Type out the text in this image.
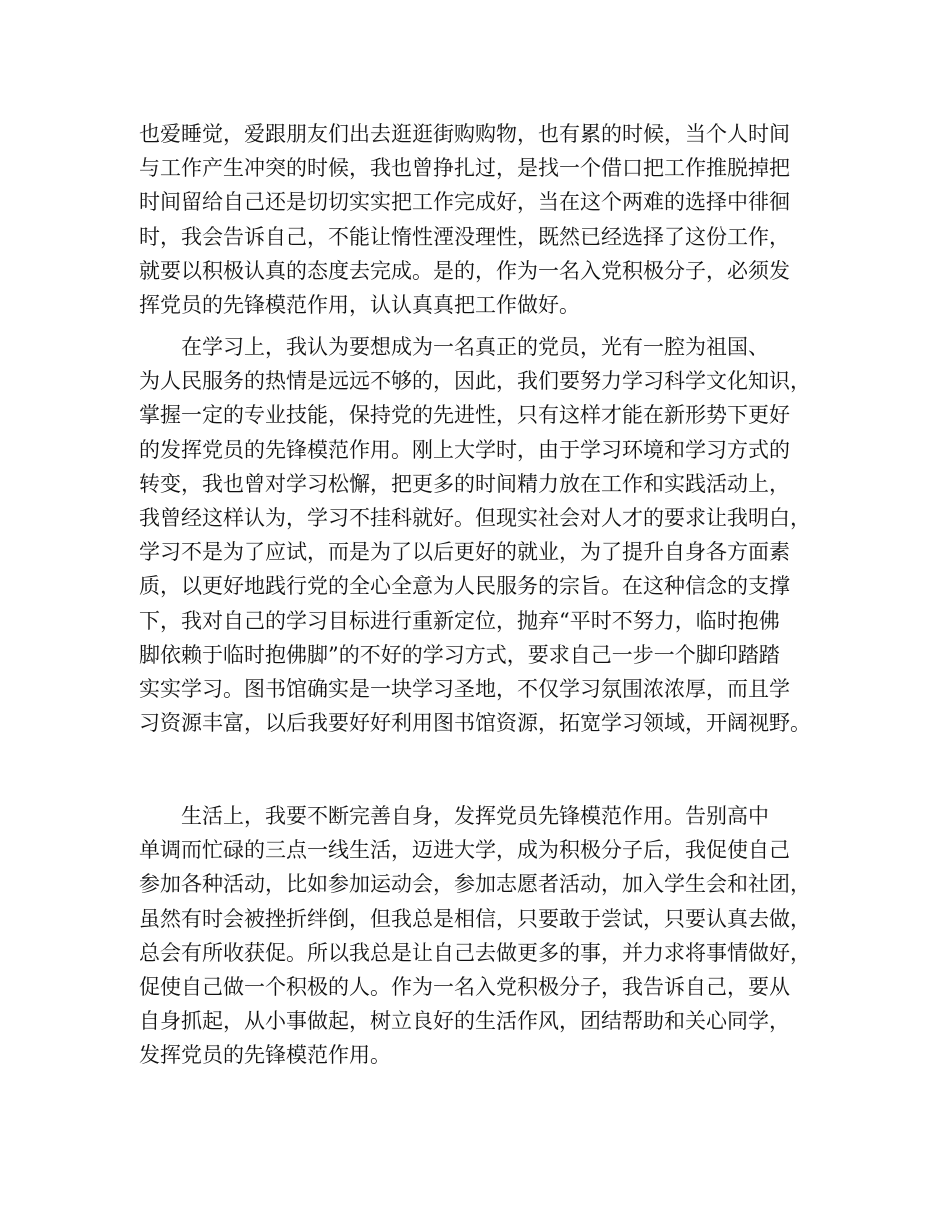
也爱睡觉，爱跟朋友们出去逛逛街购购物，也有累的时候，当个人时间
与工作产生冲突的时候，我也曾挣扎过，是找一个借口把工作推脱掉把
时间留给自己还是切切实实把工作完成好，当在这个两难的选择中徘徊
时，我会告诉自己，不能让惰性湮没理性，既然已经选择了这份工作，
就要以积极认真的态度去完成。是的，作为一名入党积极分子，必须发
挥党员的先锋模范作用，认认真真把工作做好。
在学习上，我认为要想成为一名真正的党员，光有一腔为祖国、
为人民服务的热情是远远不够的，因此，我们要努力学习科学文化知识，
掌握一定的专业技能，保持党的先进性，只有这样才能在新形势下更好
的发挥党员的先锋模范作用。刚上大学时，由于学习环境和学习方式的
转变，我也曾对学习松懈，把更多的时间精力放在工作和实践活动上，
我曾经这样认为，学习不挂科就好。但现实社会对人才的要求让我明白，
学习不是为了应试，而是为了以后更好的就业，为了提升自身各方面素
质，以更好地践行党的全心全意为人民服务的宗旨。在这种信念的支撑
下，我对自己的学习目标进行重新定位，抛弃“平时不努力，临时抱佛
脚依赖于临时抱佛脚”的不好的学习方式，要求自己一步一个脚印踏踏
实实学习。图书馆确实是一块学习圣地，不仅学习氛围浓浓厚，而且学
习资源丰富，以后我要好好利用图书馆资源，拓宽学习领域，开阔视野。
生活上，我要不断完善自身，发挥党员先锋模范作用。告别高中
单调而忙碌的三点一线生活，迈进大学，成为积极分子后，我促使自己
参加各种活动，比如参加运动会，参加志愿者活动，加入学生会和社团，
虽然有时会被挫折绊倒，但我总是相信，只要敢于尝试，只要认真去做，
总会有所收获促。所以我总是让自己去做更多的事，并力求将事情做好，
促使自己做一个积极的人。作为一名入党积极分子，我告诉自己，要从
自身抓起，从小事做起，树立良好的生活作风，团结帮助和关心同学，
发挥党员的先锋模范作用。
